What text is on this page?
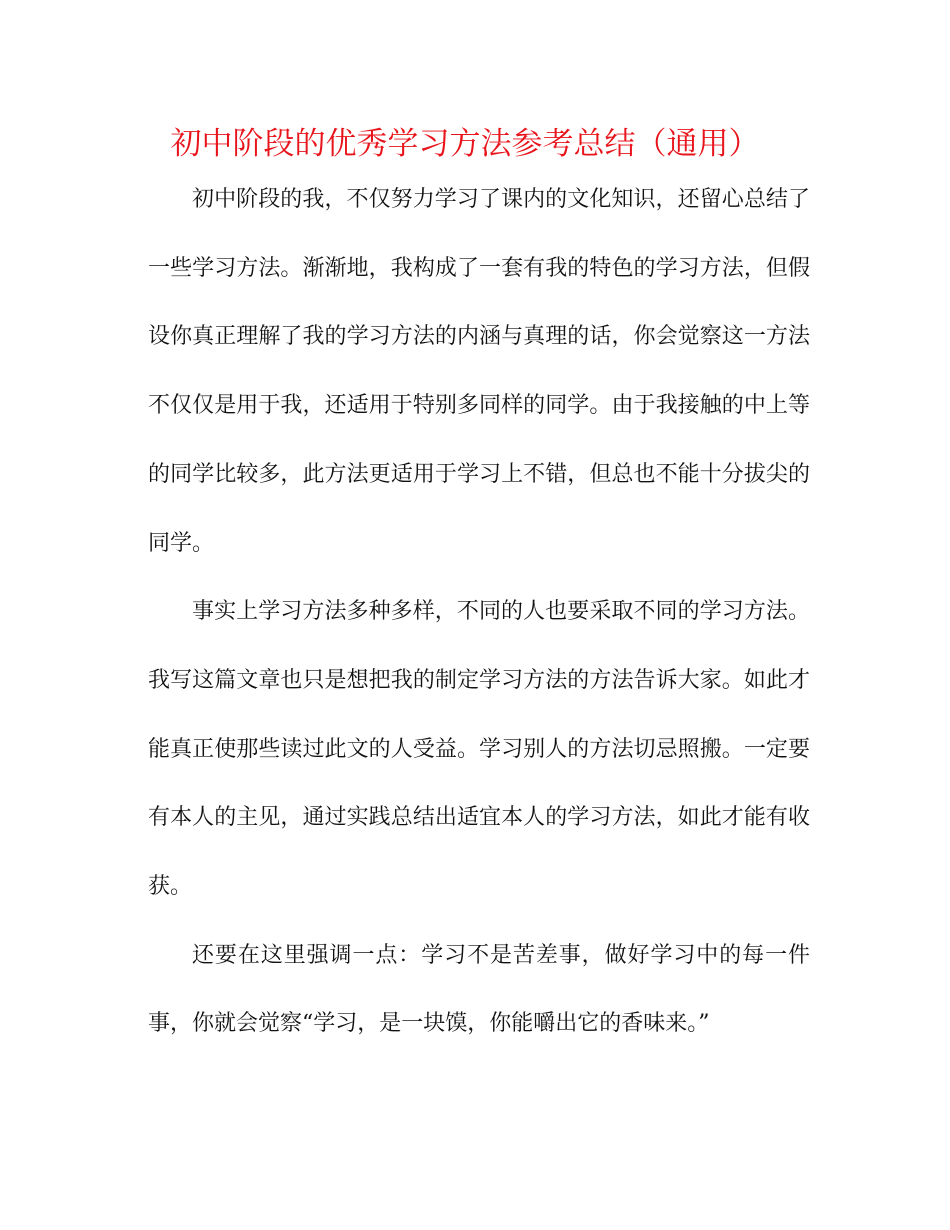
初中阶段的优秀学习方法参考总结（通用）

初中阶段的我，不仅努力学习了课内的文化知识，还留心总结了一些学习方法。渐渐地，我构成了一套有我的特色的学习方法，但假设你真正理解了我的学习方法的内涵与真理的话，你会觉察这一方法不仅仅是用于我，还适用于特别多同样的同学。由于我接触的中上等的同学比较多，此方法更适用于学习上不错，但总也不能十分拔尖的同学。

事实上学习方法多种多样，不同的人也要采取不同的学习方法。我写这篇文章也只是想把我的制定学习方法的方法告诉大家。如此才能真正使那些读过此文的人受益。学习别人的方法切忌照搬。一定要有本人的主见，通过实践总结出适宜本人的学习方法，如此才能有收获。

还要在这里强调一点：学习不是苦差事，做好学习中的每一件事，你就会觉察“学习，是一块馍，你能嚼出它的香味来。”
